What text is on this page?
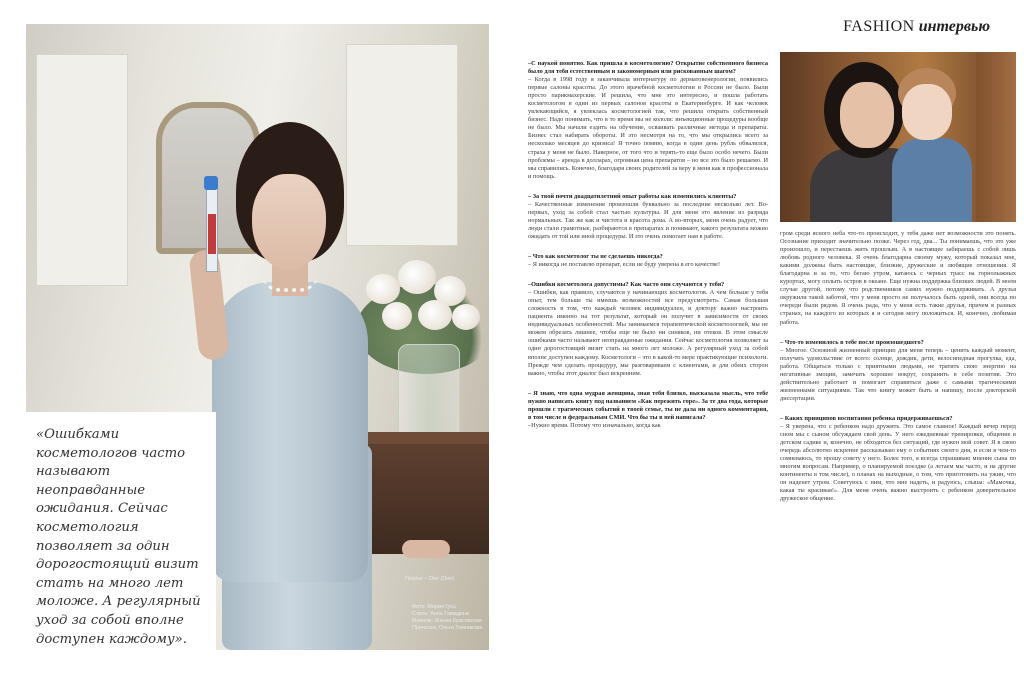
«Ошибками косметологов часто называют неоправданные ожидания. Сейчас косметология позволяет за один дорогостоящий визит стать на много лет моложе. А регулярный уход за собой вполне доступен каждому».
Платье – Dior (Dior)
Фото: Мария Гусь
Стиль: Анна Гамидина
Макияж: Жанна Красовская
Прическа: Ольга Темникова
FASHION интервью

–С наукой понятно. Как пришла в косметологию? Открытие собственного бизнеса было для тебя естественным и закономерным или рискованным шагом?

– Когда в 1998 году я заканчивала интернатуру по дерматовенерологии, появились первые салоны красоты. До этого врачебной косметологии в России не было. Были просто парикмахерские. И решила, что мне это интересно, и пошла работать косметологом в один из первых салонов красоты в Екатеринбурге. И как человек увлекающийся, я увлеклась косметологией так, что решила открыть собственный бизнес. Надо понимать, что в то время мы не кололи: инъекционные процедуры вообще не было. Мы начали ездить на обучение, осваивать различные методы и препараты. Бизнес стал набирать обороты. И это несмотря на то, что мы открылись всего за несколько месяцев до кризиса! Я точно помню, когда в один день рубль обвалился, страха у меня не было. Наверное, от того что и терять-то еще было особо нечего. Были проблемы – аренда в долларах, огромная цена препаратов – но все это было решаемо. И мы справились. Конечно, благодаря своих родителей за веру в меня как в профессионала и помощь.

– За твой почти двадцатилетний опыт работы как изменились клиенты?

– Качественные изменения произошли буквально за последние несколько лет. Во-первых, уход за собой стал частью культуры. И для меня это явление из разряда нормальных. Так же как и чистота и красота дома. А во-вторых, меня очень радует, что люди стали грамотные, разбираются в препаратах и понимают, какого результата можно ожидать от той или иной процедуры. И это очень помогает нам в работе.

– Что как косметолог ты не сделаешь никогда?

– Я никогда не поставлю препарат, если не буду уверена в его качестве!

–Ошибки косметолога допустимы? Как часто они случаются у тебя?

– Ошибки, как правило, случаются у начинающих косметологов. А чем больше у тебя опыт, тем больше ты имеешь возможностей все предусмотреть. Самая большая сложность в том, что каждый человек индивидуален, и доктору важно настроить пациента именно на тот результат, который он получит в зависимости от своих индивидуальных особенностей. Мы занимаемся терапевтической косметологией, мы не можем обрезать лишнее, чтобы еще не было ни синяков, ни отеков. В этом смысле ошибками часто называют неоправданные ожидания. Сейчас косметология позволяет за один дорогостоящий визит стать на много лет моложе. А регулярный уход за собой вполне доступен каждому. Косметологи – это в какой-то мере практикующие психологи. Прежде чем сделать процедуру, мы разговариваем с клиентами, и для обеих сторон важно, чтобы этот диалог был искренним.

– Я знаю, что одна мудрая женщина, зная тебя близко, высказала мысль, что тебе нужно написать книгу под названием «Как пережить горе». За те два года, которые прошли с трагических событий в твоей семье, ты не дала ни одного комментария, в том числе и федеральным СМИ. Что бы ты в ней написала?

–Нужно время. Потому что изначально, когда как

гром среди ясного неба что-то происходит, у тебя даже нет возможности это понять. Осознание приходит значительно позже. Через год, два... Ты понимаешь, что это уже произошло, и перестаешь жить прошлым. А в настоящее забираешь с собой лишь любовь родного человека. Я очень благодарна своему мужу, который показал мне, какими должны быть настоящие, близкие, дружеские и любящие отношения. Я благодарна и за то, что бегаю утром, катаюсь с черных трасс на горнолыжных курортах, могу оплыть остров в океане. Еще нужна поддержка близких людей. В моем случае другой, потому что родственников самих нужно поддерживать. А друзья окружили такой заботой, что у меня просто не получалось быть одной, они всегда по очереди были рядом. Я очень рада, что у меня есть такие друзья, причем в разных странах, на каждого из которых я и сегодня могу положиться. И, конечно, любимая работа.

– Что-то изменилось в тебе после произошедшего?

– Многое. Основной жизненный принцип для меня теперь – ценить каждый момент, получать удовольствие от всего: солнце, дождик, дети, велосипедная прогулка, еда, работа. Общаться только с приятными людьми, не тратить свою энергию на негативные эмоции, замечать хорошее вокруг, сохранить в себе позитив. Это действительно работает и помогает справиться даже с самыми трагическими жизненными ситуациями. Так что книгу может быть и напишу, после докторской диссертации.

– Каких принципов воспитания ребенка придерживаешься?

– Я уверена, что с ребенком надо дружить. Это самое главное! Каждый вечер перед сном мы с сыном обсуждаем свой день. У него ежедневные тренировки, общение в детском садике и, конечно, не обходится без ситуаций, где нужен мой совет. Я в свою очередь абсолютно искренне рассказываю ему о событиях своего дня, и если в чем-то сомневаюсь, то прошу совету у него. Более того, я всегда спрашиваю мнение сына по многим вопросам. Например, о планируемой поездке (а летаем мы часто, и на другие континенты в том числе), о планах на выходные, о том, что приготовить на ужин, что он наденет утром. Советуюсь с ним, что мне надеть, и радуюсь, слыша: «Мамочка, какая ты красивая!». Для меня очень важно выстроить с ребенком доверительное дружеское общение.
